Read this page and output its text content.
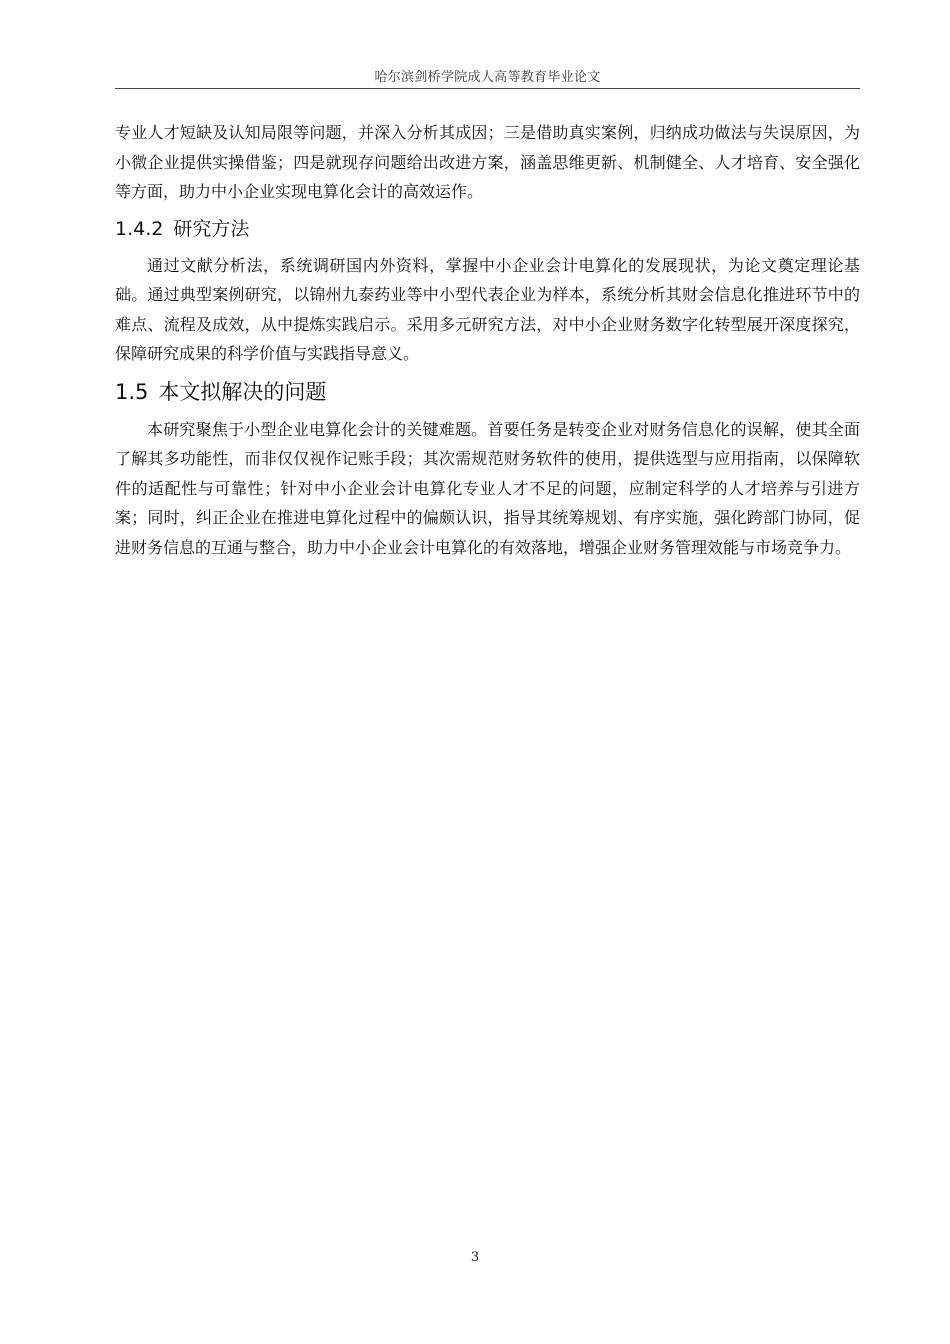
哈尔滨剑桥学院成人高等教育毕业论文

专业人才短缺及认知局限等问题，并深入分析其成因；三是借助真实案例，归纳成功做法与失误原因，为小微企业提供实操借鉴；四是就现存问题给出改进方案，涵盖思维更新、机制健全、人才培育、安全强化等方面，助力中小企业实现电算化会计的高效运作。

1.4.2 研究方法

通过文献分析法，系统调研国内外资料，掌握中小企业会计电算化的发展现状，为论文奠定理论基础。通过典型案例研究，以锦州九泰药业等中小型代表企业为样本，系统分析其财会信息化推进环节中的难点、流程及成效，从中提炼实践启示。采用多元研究方法，对中小企业财务数字化转型展开深度探究，保障研究成果的科学价值与实践指导意义。

1.5 本文拟解决的问题

本研究聚焦于小型企业电算化会计的关键难题。首要任务是转变企业对财务信息化的误解，使其全面了解其多功能性，而非仅仅视作记账手段；其次需规范财务软件的使用，提供选型与应用指南，以保障软件的适配性与可靠性；针对中小企业会计电算化专业人才不足的问题，应制定科学的人才培养与引进方案；同时，纠正企业在推进电算化过程中的偏颇认识，指导其统筹规划、有序实施，强化跨部门协同，促进财务信息的互通与整合，助力中小企业会计电算化的有效落地，增强企业财务管理效能与市场竞争力。

3
